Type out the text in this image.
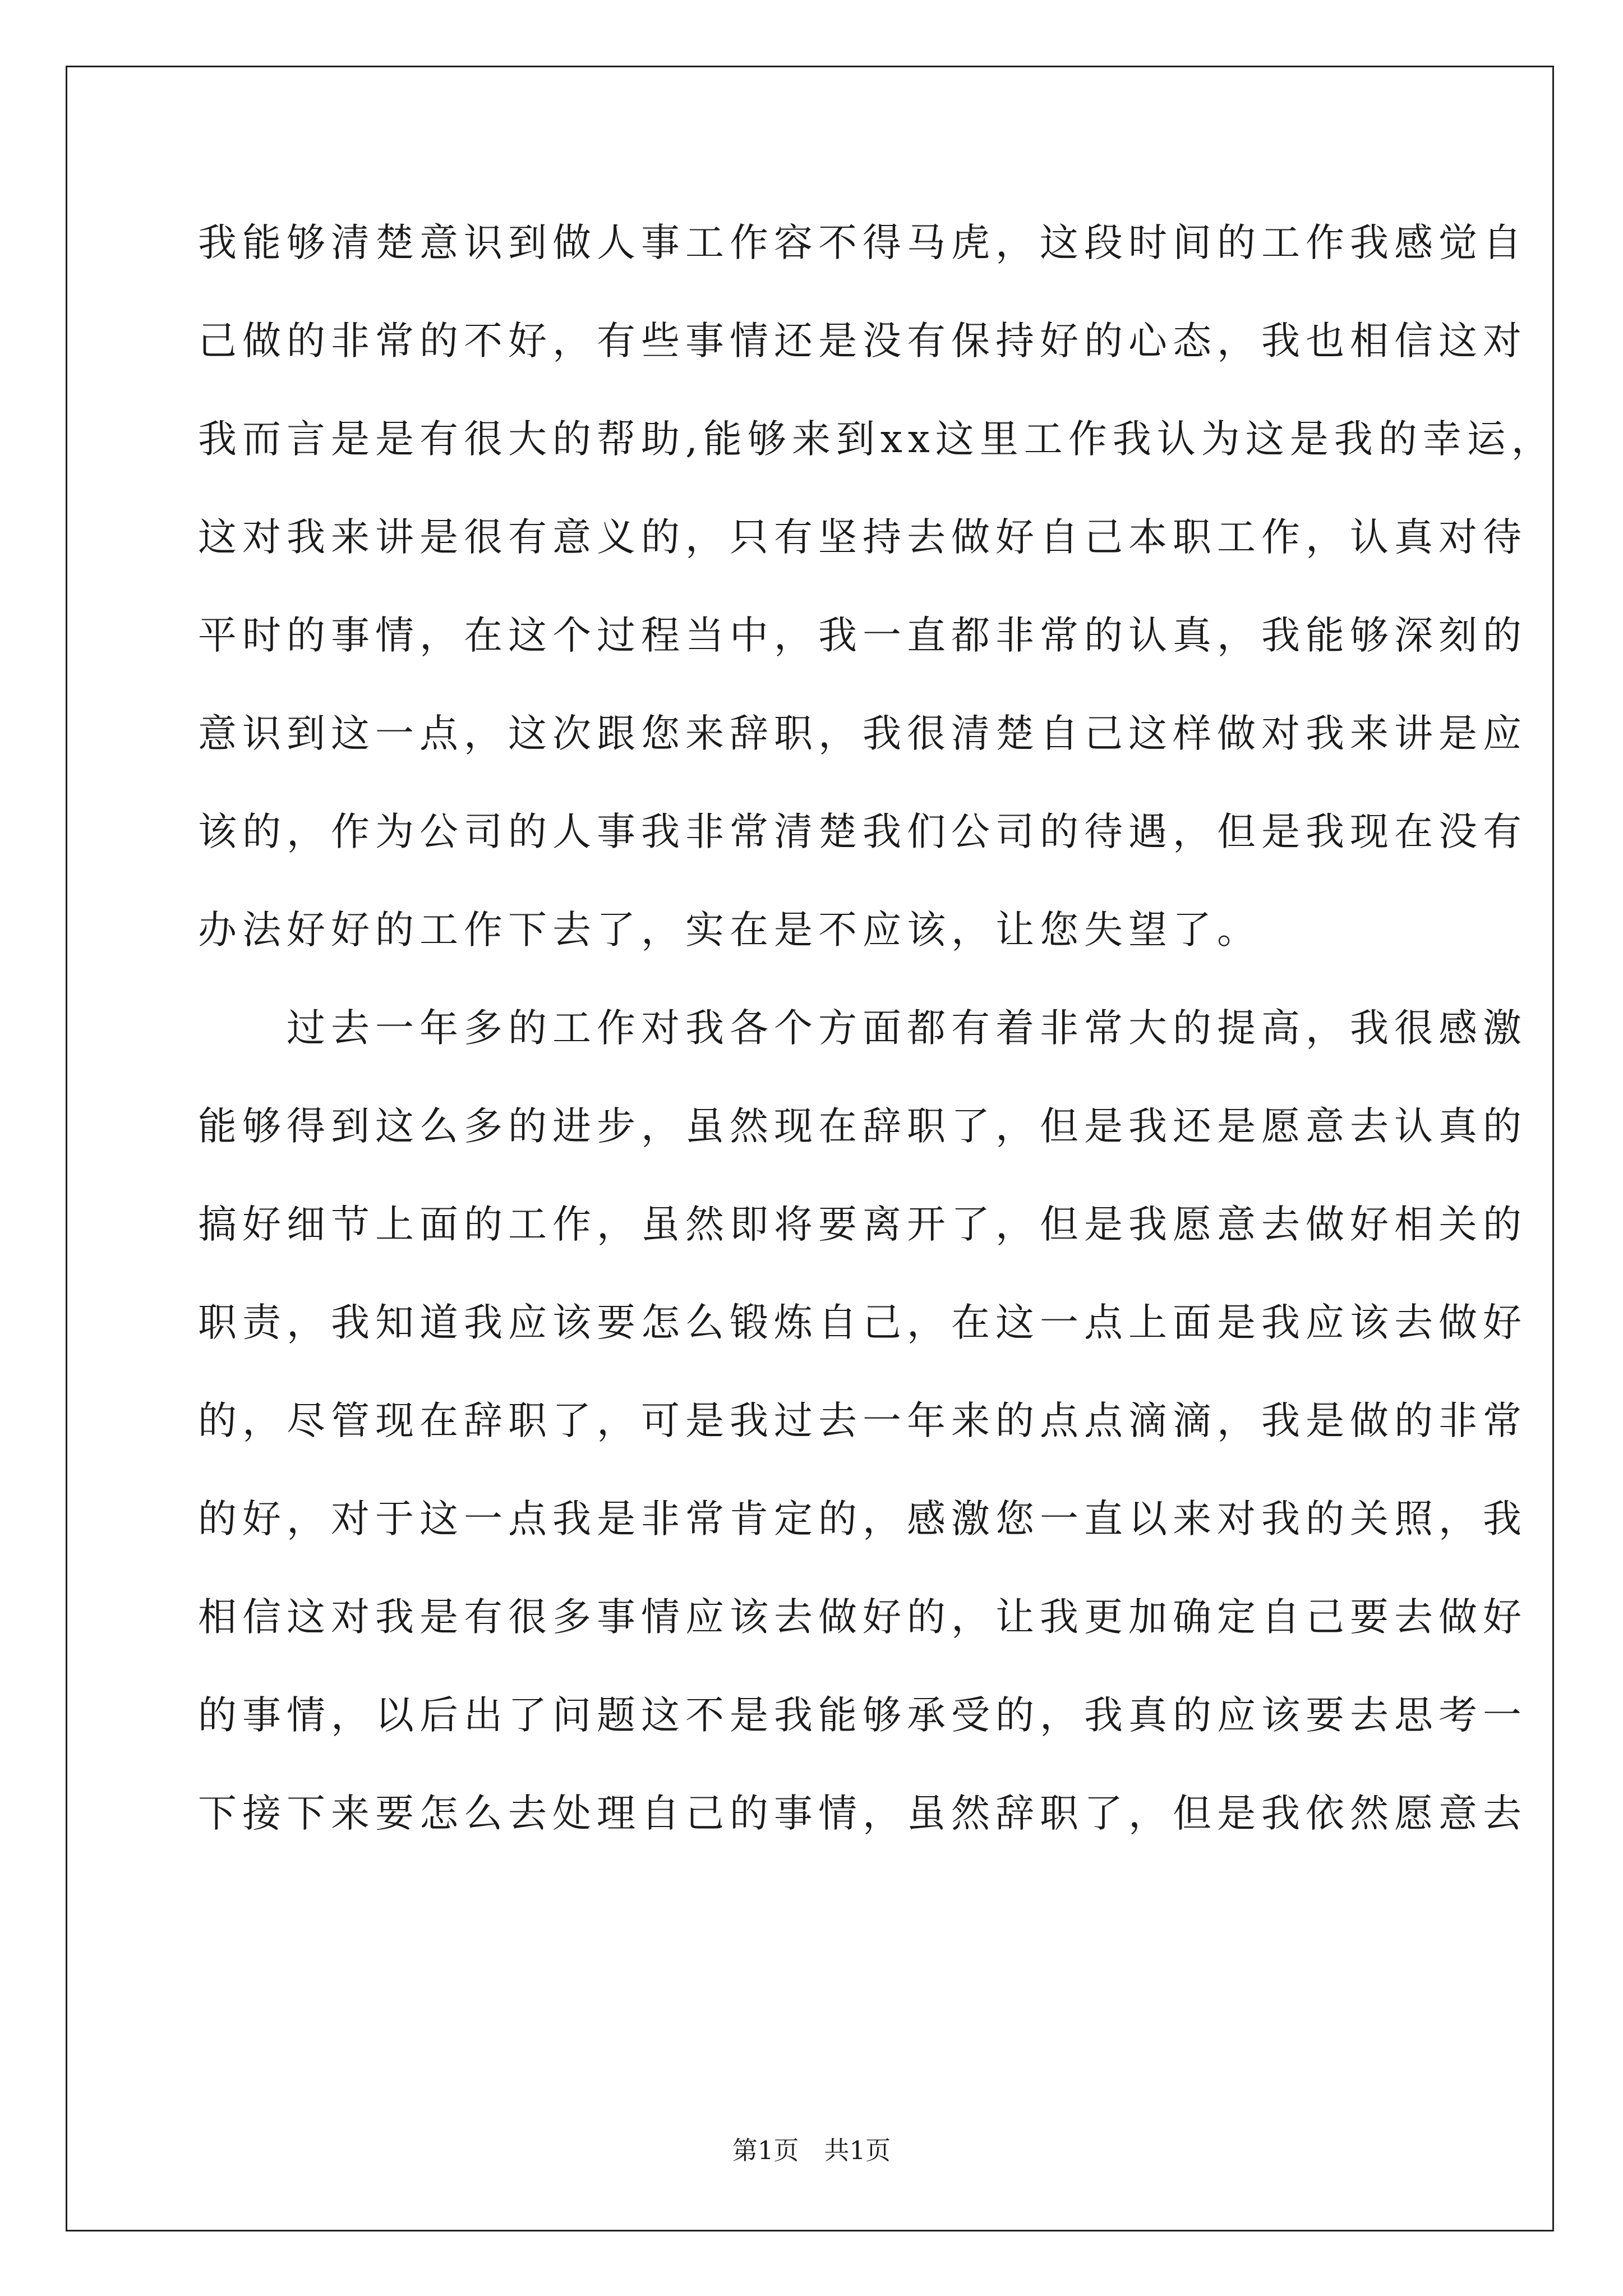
我能够清楚意识到做人事工作容不得马虎，这段时间的工作我感觉自
己做的非常的不好，有些事情还是没有保持好的心态，我也相信这对
我而言是是有很大的帮助,能够来到xx这里工作我认为这是我的幸运，
这对我来讲是很有意义的，只有坚持去做好自己本职工作，认真对待
平时的事情，在这个过程当中，我一直都非常的认真，我能够深刻的
意识到这一点，这次跟您来辞职，我很清楚自己这样做对我来讲是应
该的，作为公司的人事我非常清楚我们公司的待遇，但是我现在没有
办法好好的工作下去了，实在是不应该，让您失望了。
　　过去一年多的工作对我各个方面都有着非常大的提高，我很感激
能够得到这么多的进步，虽然现在辞职了，但是我还是愿意去认真的
搞好细节上面的工作，虽然即将要离开了，但是我愿意去做好相关的
职责，我知道我应该要怎么锻炼自己，在这一点上面是我应该去做好
的，尽管现在辞职了，可是我过去一年来的点点滴滴，我是做的非常
的好，对于这一点我是非常肯定的，感激您一直以来对我的关照，我
相信这对我是有很多事情应该去做好的，让我更加确定自己要去做好
的事情，以后出了问题这不是我能够承受的，我真的应该要去思考一
下接下来要怎么去处理自己的事情，虽然辞职了，但是我依然愿意去
第1页　共1页
